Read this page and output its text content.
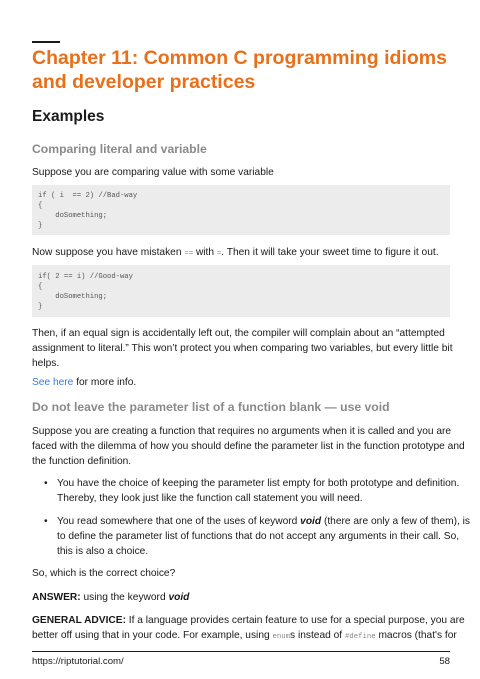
Chapter 11: Common C programming idioms
and developer practices
Examples
Comparing literal and variable
Suppose you are comparing value with some variable
if ( i  == 2) //Bad-way
{
doSomething;
}
Now suppose you have mistaken == with =. Then it will take your sweet time to figure it out.
if( 2 == i) //Good-way
{
doSomething;
}
Then, if an equal sign is accidentally left out, the compiler will complain about an “attempted
assignment to literal.” This won’t protect you when comparing two variables, but every little bit
helps.
See here for more info.
Do not leave the parameter list of a function blank — use void
Suppose you are creating a function that requires no arguments when it is called and you are
faced with the dilemma of how you should define the parameter list in the function prototype and
the function definition.
• You have the choice of keeping the parameter list empty for both prototype and definition.
Thereby, they look just like the function call statement you will need.
• You read somewhere that one of the uses of keyword void (there are only a few of them), is
to define the parameter list of functions that do not accept any arguments in their call. So,
this is also a choice.
So, which is the correct choice?
ANSWER: using the keyword void
GENERAL ADVICE: If a language provides certain feature to use for a special purpose, you are
better off using that in your code. For example, using enums instead of #define macros (that's for
https://riptutorial.com/	58
